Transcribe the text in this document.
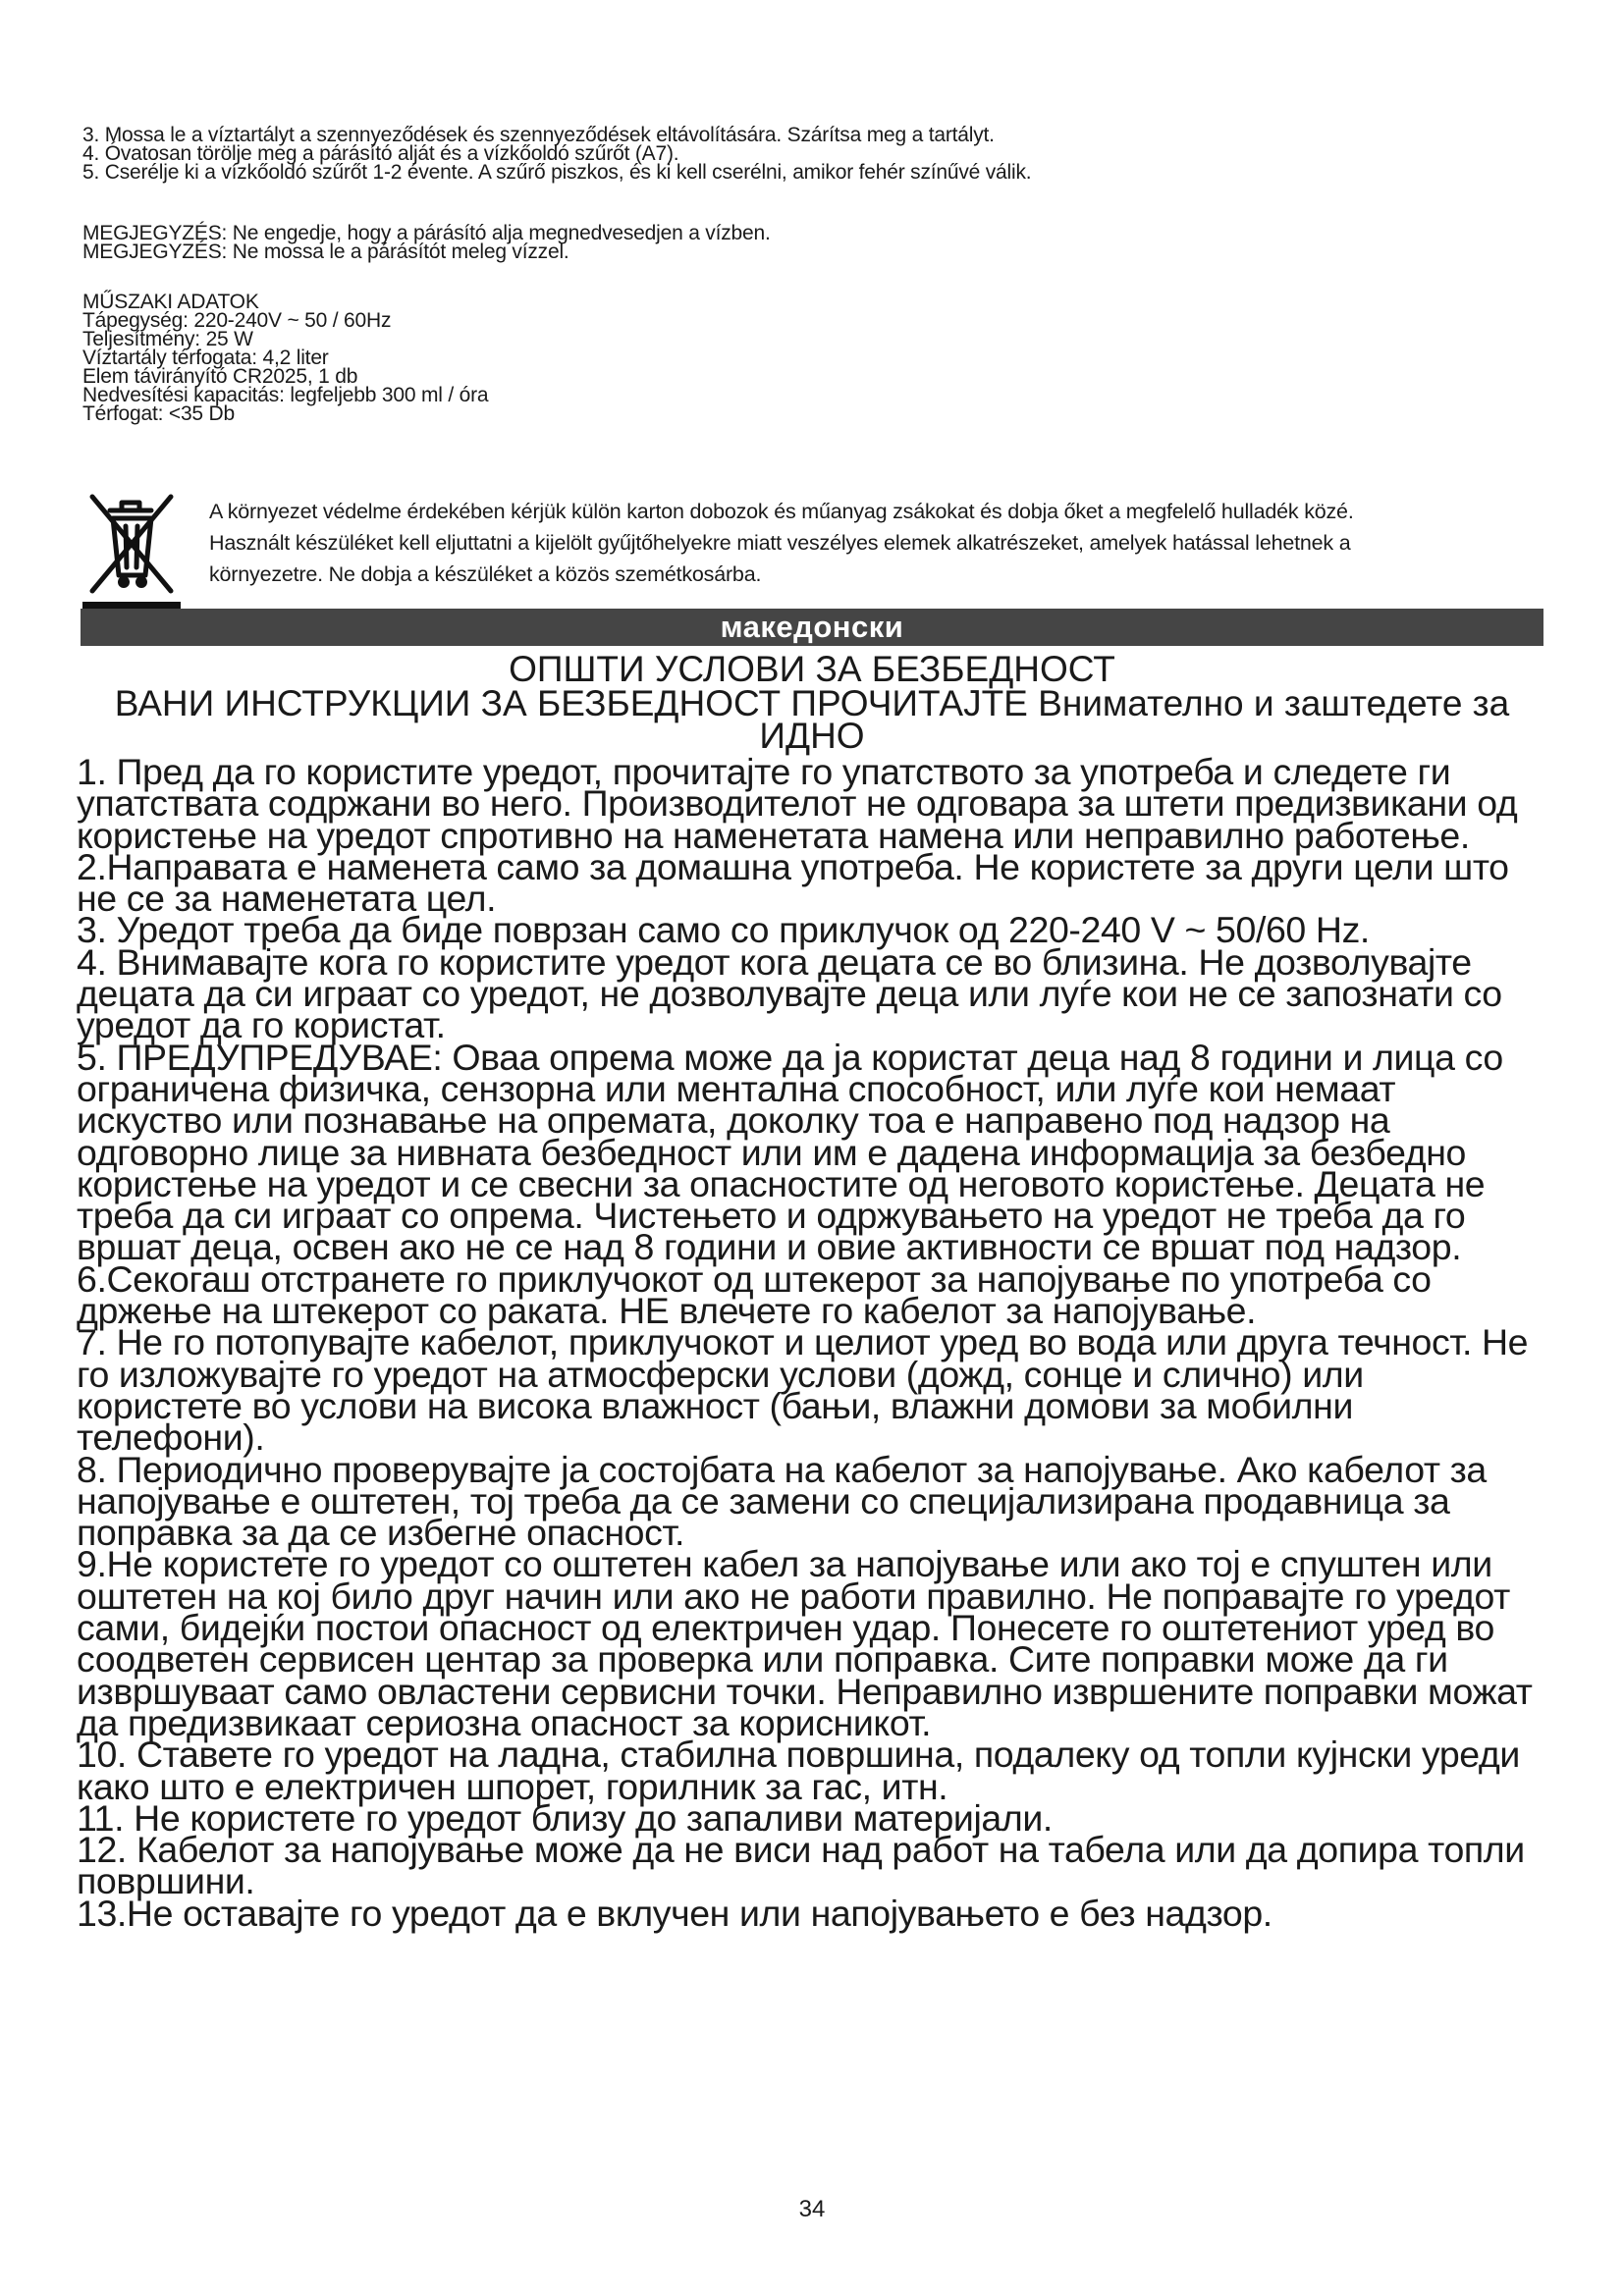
3. Mossa le a víztartályt a szennyeződések és szennyeződések eltávolítására. Szárítsa meg a tartályt.
4. Óvatosan törölje meg a párásító alját és a vízkőoldó szűrőt (A7).
5. Cserélje ki a vízkőoldó szűrőt 1-2 évente. A szűrő piszkos, és ki kell cserélni, amikor fehér színűvé válik.
MEGJEGYZÉS: Ne engedje, hogy a párásító alja megnedvesedjen a vízben.
MEGJEGYZÉS: Ne mossa le a párásítót meleg vízzel.
MŰSZAKI ADATOK
Tápegység: 220-240V ~ 50 / 60Hz
Teljesítmény: 25 W
Víztartály térfogata: 4,2 liter
Elem távirányító CR2025, 1 db
Nedvesítési kapacitás: legfeljebb 300 ml / óra
Térfogat: <35 Db
A környezet védelme érdekében kérjük külön karton dobozok és műanyag zsákokat és dobja őket a megfelelő hulladék közé.
Használt készüléket kell eljuttatni a kijelölt gyűjtőhelyekre miatt veszélyes elemek alkatrészeket, amelyek hatással lehetnek a
környezetre. Ne dobja a készüléket a közös szemétkosárba.
македонски
ОПШТИ УСЛОВИ ЗА БЕЗБЕДНОСТ
ВАНИ ИНСТРУКЦИИ ЗА БЕЗБЕДНОСТ ПРОЧИТАЈТЕ Внимателно и заштедете за
ИДНО
1. Пред да го користите уредот, прочитајте го упатството за употреба и следете ги
упатствата содржани во него. Производителот не одговара за штети предизвикани од
користење на уредот спротивно на наменетата намена или неправилно работење.
2.Направата е наменета само за домашна употреба. Не користете за други цели што
не се за наменетата цел.
3. Уредот треба да биде поврзан само со приклучок од 220-240 V ~ 50/60 Hz.
4. Внимавајте кога го користите уредот кога децата се во близина. Не дозволувајте
децата да си играат со уредот, не дозволувајте деца или луѓе кои не се запознати со
уредот да го користат.
5. ПРЕДУПРЕДУВАЕ: Оваа опрема може да ја користат деца над 8 години и лица со
ограничена физичка, сензорна или ментална способност, или луѓе кои немаат
искуство или познавање на опремата, доколку тоа е направено под надзор на
одговорно лице за нивната безбедност или им е дадена информација за безбедно
користење на уредот и се свесни за опасностите од неговото користење. Децата не
треба да си играат со опрема. Чистењето и одржувањето на уредот не треба да го
вршат деца, освен ако не се над 8 години и овие активности се вршат под надзор.
6.Секогаш отстранете го приклучокот од штекерот за напојување по употреба со
држење на штекерот со раката. НЕ влечете го кабелот за напојување.
7. Не го потопувајте кабелот, приклучокот и целиот уред во вода или друга течност. Не
го изложувајте го уредот на атмосферски услови (дожд, сонце и слично) или
користете во услови на висока влажност (бањи, влажни домови за мобилни
телефони).
8. Периодично проверувајте ја состојбата на кабелот за напојување. Ако кабелот за
напојување е оштетен, тој треба да се замени со специјализирана продавница за
поправка за да се избегне опасност.
9.Не користете го уредот со оштетен кабел за напојување или ако тој е спуштен или
оштетен на кој било друг начин или ако не работи правилно. Не поправајте го уредот
сами, бидејќи постои опасност од електричен удар. Понесете го оштетениот уред во
соодветен сервисен центар за проверка или поправка. Сите поправки може да ги
извршуваат само овластени сервисни точки. Неправилно извршените поправки можат
да предизвикаат сериозна опасност за корисникот.
10. Ставете го уредот на ладна, стабилна површина, подалеку од топли кујнски уреди
како што е електричен шпорет, горилник за гас, итн.
11. Не користете го уредот близу до запаливи материјали.
12. Кабелот за напојување може да не виси над работ на табела или да допира топли
површини.
13.Не оставајте го уредот да е вклучен или напојувањето е без надзор.
34
